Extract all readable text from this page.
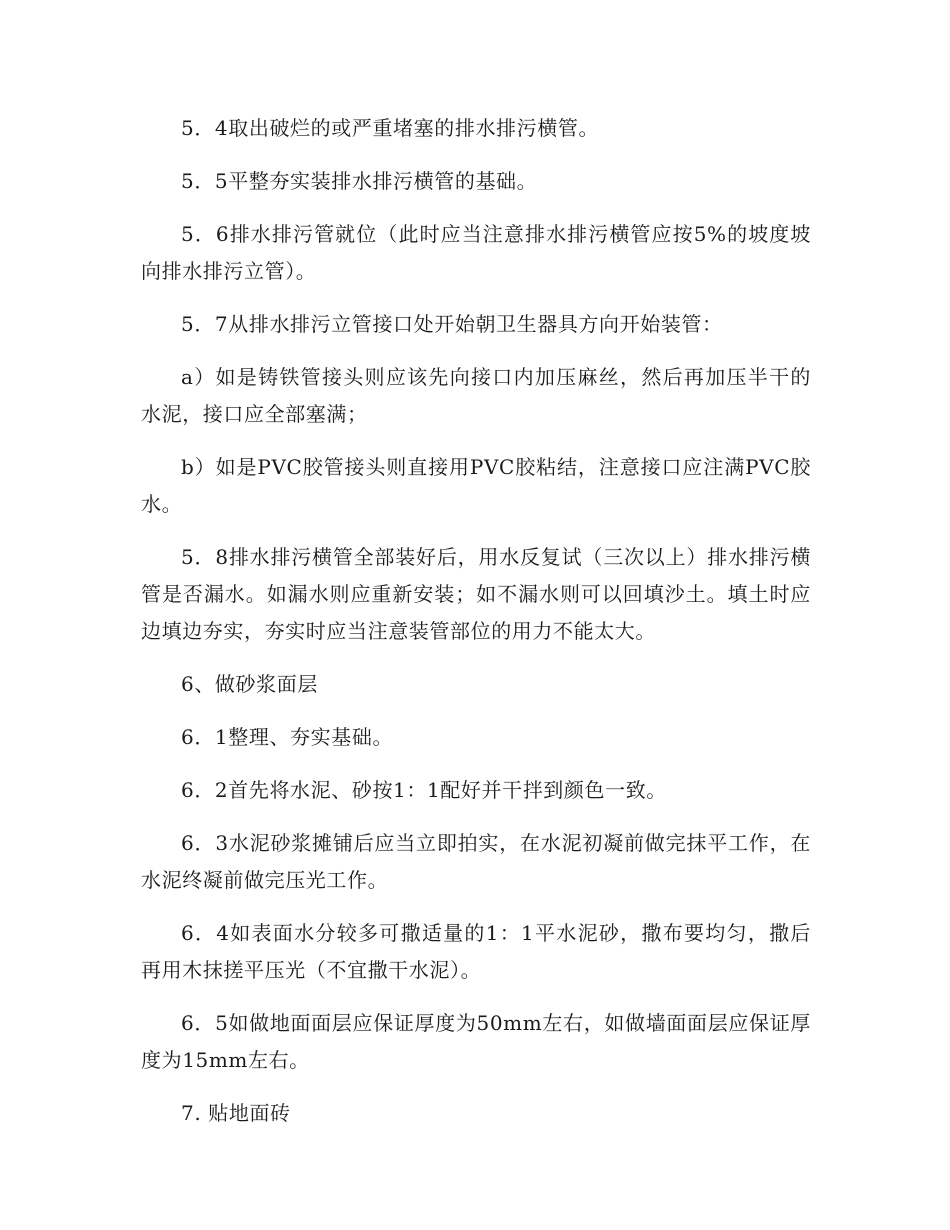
5．4取出破烂的或严重堵塞的排水排污横管。

5．5平整夯实装排水排污横管的基础。

5．6排水排污管就位（此时应当注意排水排污横管应按5%的坡度坡向排水排污立管）。

5．7从排水排污立管接口处开始朝卫生器具方向开始装管：

a）如是铸铁管接头则应该先向接口内加压麻丝，然后再加压半干的水泥，接口应全部塞满；

b）如是PVC胶管接头则直接用PVC胶粘结，注意接口应注满PVC胶水。

5．8排水排污横管全部装好后，用水反复试（三次以上）排水排污横管是否漏水。如漏水则应重新安装；如不漏水则可以回填沙土。填土时应边填边夯实，夯实时应当注意装管部位的用力不能太大。

6、做砂浆面层

6．1整理、夯实基础。

6．2首先将水泥、砂按1：1配好并干拌到颜色一致。

6．3水泥砂浆摊铺后应当立即拍实，在水泥初凝前做完抹平工作，在水泥终凝前做完压光工作。

6．4如表面水分较多可撒适量的1：1平水泥砂，撒布要均匀，撒后再用木抹搓平压光（不宜撒干水泥）。

6．5如做地面面层应保证厚度为50mm左右，如做墙面面层应保证厚度为15mm左右。

7. 贴地面砖
